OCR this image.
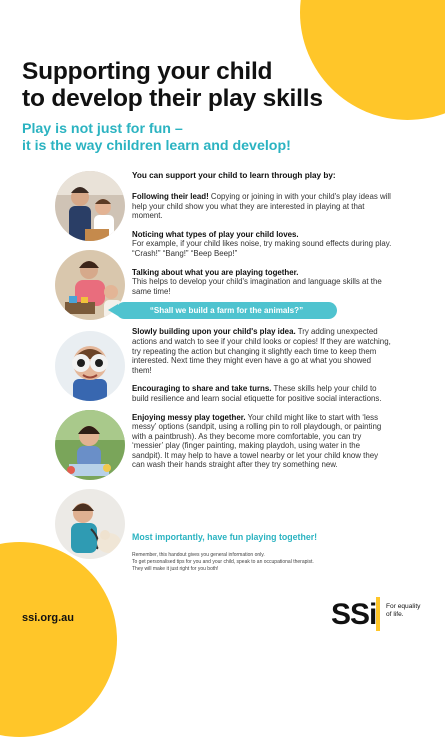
Supporting your child
to develop their play skills
Play is not just for fun –
it is the way children learn and develop!

You can support your child to learn through play by:

Following their lead! Copying or joining in with your child's play ideas will help your child show you what they are interested in playing at that moment.

Noticing what types of play your child loves.
For example, if your child likes noise, try making sound effects during play. “Crash!” “Bang!” “Beep Beep!”

Talking about what you are playing together.
This helps to develop your child's imagination and language skills at the same time!

Slowly building upon your child's play idea. Try adding unexpected actions and watch to see if your child looks or copies! If they are watching, try repeating the action but changing it slightly each time to keep them interested. Next time they might even have a go at what you showed them!

Encouraging to share and take turns. These skills help your child to build resilience and learn social etiquette for positive social interactions.

Enjoying messy play together. Your child might like to start with ‘less messy’ options (sandpit, using a rolling pin to roll playdough, or painting with a paintbrush). As they become more comfortable, you can try ‘messier’ play (finger painting, making playdoh, using water in the sandpit). It may help to have a towel nearby or let your child know they can wash their hands straight after they try something new.

“Shall we build a farm for the animals?”
Most importantly, have fun playing together!
Remember, this handout gives you general information only.
To get personalised tips for you and your child, speak to an occupational therapist.
They will make it just right for you both!
ssi.org.au	SSi For equality
of life.
